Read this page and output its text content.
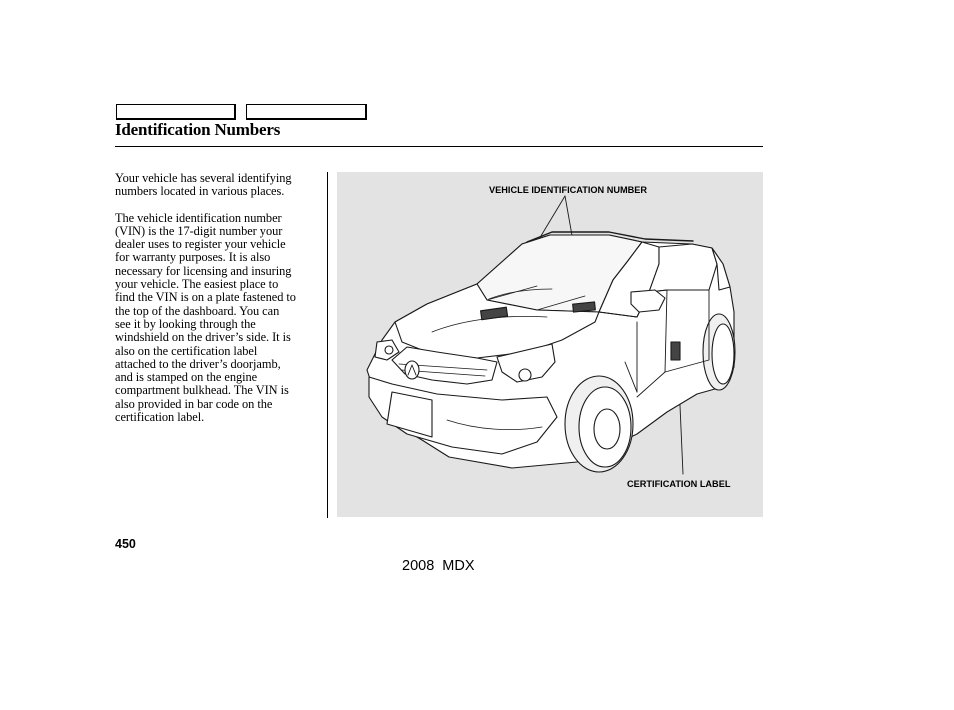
Identification Numbers

Your vehicle has several identifying
numbers located in various places.

The vehicle identification number
(VIN) is the 17-digit number your
dealer uses to register your vehicle
for warranty purposes. It is also
necessary for licensing and insuring
your vehicle. The easiest place to
find the VIN is on a plate fastened to
the top of the dashboard. You can
see it by looking through the
windshield on the driver’s side. It is
also on the certification label
attached to the driver’s doorjamb,
and is stamped on the engine
compartment bulkhead. The VIN is
also provided in bar code on the
certification label.

VEHICLE IDENTIFICATION NUMBER
CERTIFICATION LABEL
450
2008 MDX
